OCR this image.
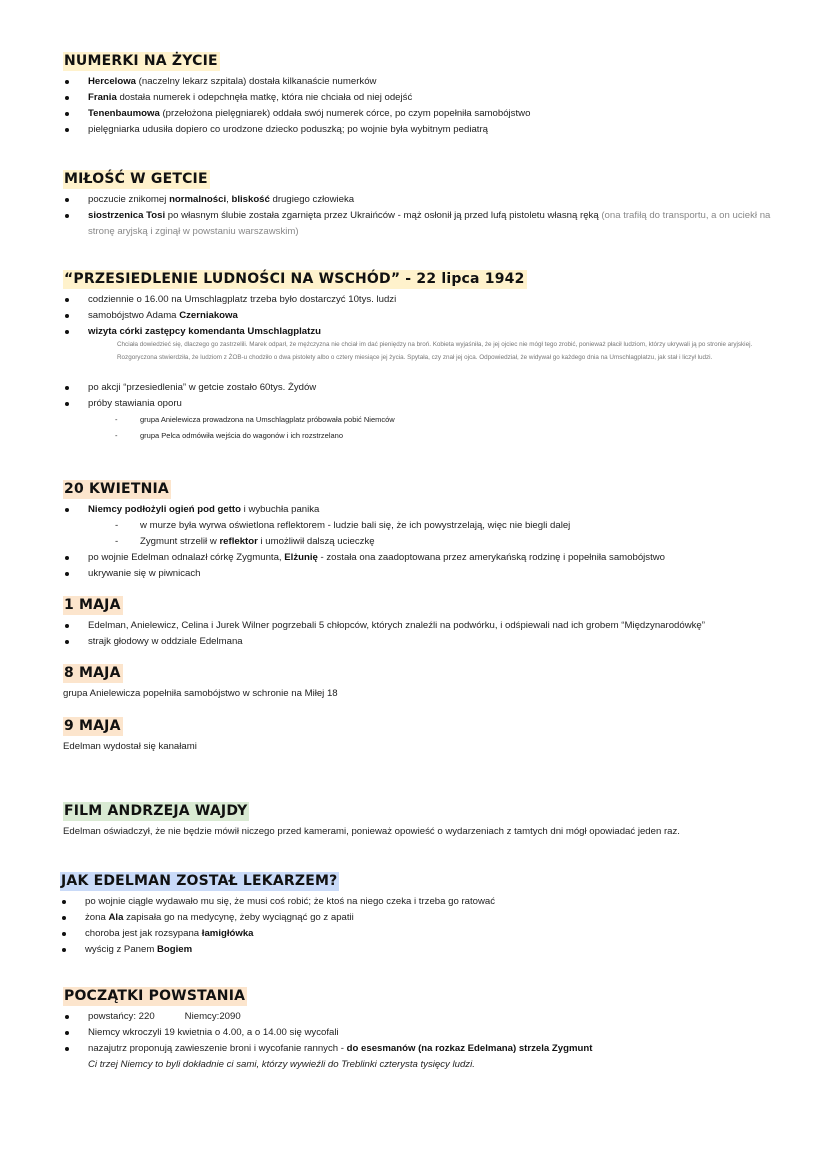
NUMERKI NA ŻYCIE
Hercelowa (naczelny lekarz szpitala) dostała kilkanaście numerków
Frania dostała numerek i odepchnęła matkę, która nie chciała od niej odejść
Tenenbaumowa (przełożona pielęgniarek) oddała swój numerek córce, po czym popełniła samobójstwo
pielęgniarka udusiła dopiero co urodzone dziecko poduszką; po wojnie była wybitnym pediatrą
MIŁOŚĆ W GETCIE
poczucie znikomej normalności, bliskość drugiego człowieka
siostrzenica Tosi po własnym ślubie została zgarnięta przez Ukraińców - mąż osłonił ją przed lufą pistoletu własną ręką (ona trafiłą do transportu, a on uciekł na stronę aryjską i zginął w powstaniu warszawskim)
“PRZESIEDLENIE LUDNOŚCI NA WSCHÓD” - 22 lipca 1942
codziennie o 16.00 na Umschlagplatz trzeba było dostarczyć 10tys. ludzi
samobójstwo Adama Czerniakowa
wizyta córki zastępcy komendanta Umschlagplatzu
Chciała dowiedzieć się, dlaczego go zastrzelili. Marek odparł, że mężczyzna nie chciał im dać pieniędzy na broń. Kobieta wyjaśniła, że jej ojciec nie mógł tego zrobić, ponieważ płacił ludziom, którzy ukrywali ją po stronie aryjskiej. Rozgoryczona stwierdziła, że ludziom z ŻOB-u chodziło o dwa pistolety albo o cztery miesiące jej życia. Spytała, czy znał jej ojca. Odpowiedział, że widywał go każdego dnia na Umschlagplatzu, jak stał i liczył ludzi.
po akcji “przesiedlenia” w getcie zostało 60tys. Żydów
próby stawiania oporu
- grupa Anielewicza prowadzona na Umschlagplatz próbowała pobić Niemców
- grupa Pelca odmówiła wejścia do wagonów i ich rozstrzelano
20 KWIETNIA
Niemcy podłożyli ogień pod getto i wybuchła panika
- w murze była wyrwa oświetlona reflektorem - ludzie bali się, że ich powystrzelają, więc nie biegli dalej
- Zygmunt strzelił w reflektor i umożliwił dalszą ucieczkę
po wojnie Edelman odnalazł córkę Zygmunta, Elżunię - została ona zaadoptowana przez amerykańską rodzinę i popełniła samobójstwo
ukrywanie się w piwnicach
1 MAJA
Edelman, Anielewicz, Celina i Jurek Wilner pogrzebali 5 chłopców, których znaleźli na podwórku, i odśpiewali nad ich grobem “Międzynarodówkę”
strajk głodowy w oddziale Edelmana
8 MAJA
grupa Anielewicza popełniła samobójstwo w schronie na Miłej 18
9 MAJA
Edelman wydostał się kanałami
FILM ANDRZEJA WAJDY
Edelman oświadczył, że nie będzie mówił niczego przed kamerami, ponieważ opowieść o wydarzeniach z tamtych dni mógł opowiadać jeden raz.
JAK EDELMAN ZOSTAŁ LEKARZEM?
po wojnie ciągle wydawało mu się, że musi coś robić; że ktoś na niego czeka i trzeba go ratować
żona Ala zapisała go na medycynę, żeby wyciągnąć go z apatii
choroba jest jak rozsypana łamigłówka
wyścig z Panem Bogiem
POCZĄTKI POWSTANIA
powstańcy: 220	Niemcy:2090
Niemcy wkroczyli 19 kwietnia o 4.00, a o 14.00 się wycofali
nazajutrz proponują zawieszenie broni i wycofanie rannych - do esesmanów (na rozkaz Edelmana) strzela Zygmunt
Ci trzej Niemcy to byli dokładnie ci sami, którzy wywieźli do Treblinki czterysta tysięcy ludzi.
